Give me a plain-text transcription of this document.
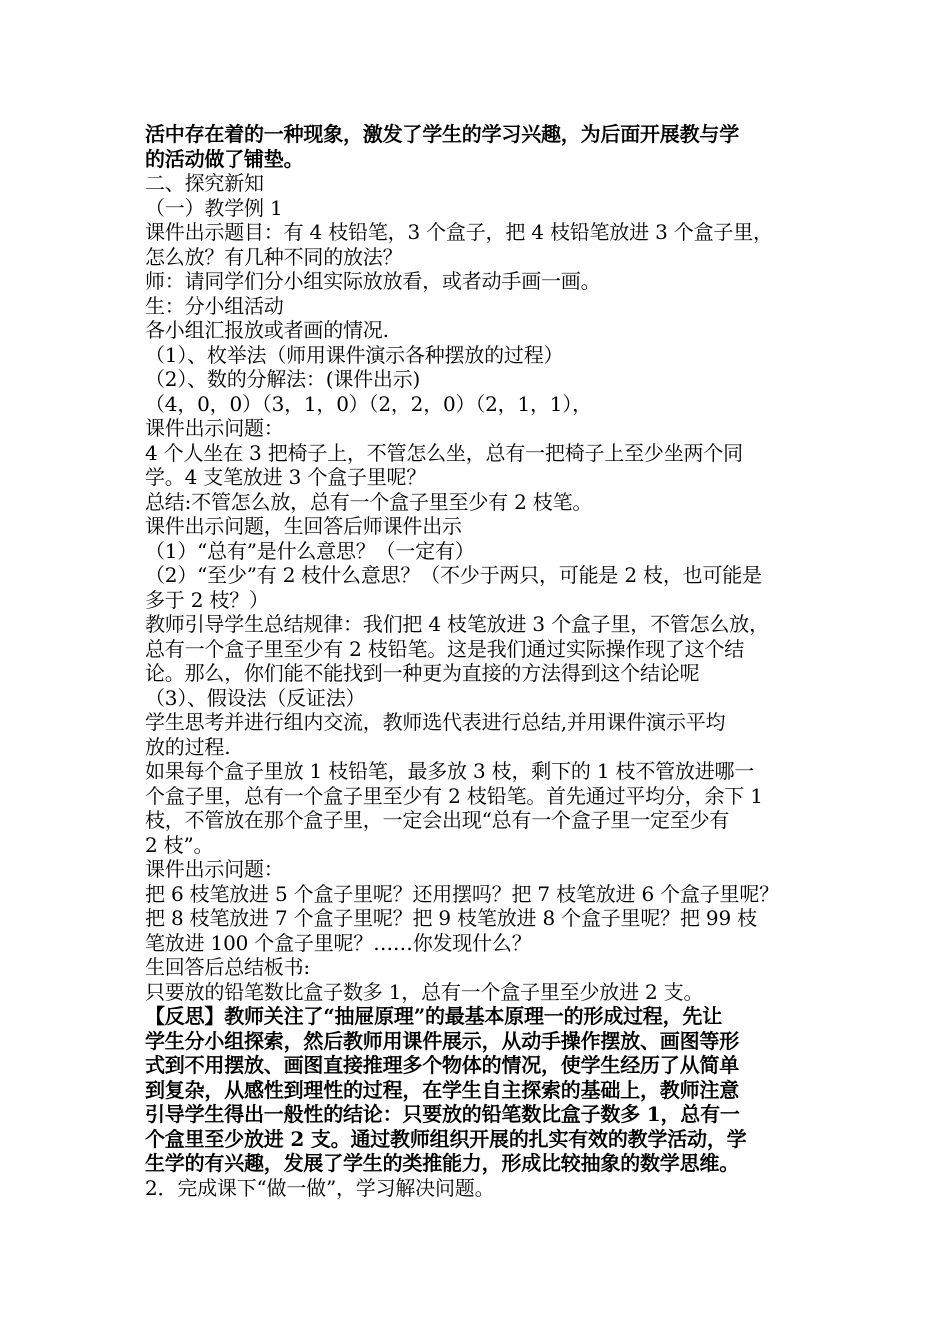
活中存在着的一种现象，激发了学生的学习兴趣，为后面开展教与学
的活动做了铺垫。
二、探究新知
（一）教学例 1
课件出示题目：有 4 枝铅笔，3 个盒子，把 4 枝铅笔放进 3 个盒子里，
怎么放？有几种不同的放法？
师：请同学们分小组实际放放看，或者动手画一画。
生：分小组活动
各小组汇报放或者画的情况.
（1）、枚举法（师用课件演示各种摆放的过程）
（2）、数的分解法：(课件出示)
（4，0，0）（3，1，0）（2，2，0）（2，1，1），
课件出示问题：
4 个人坐在 3 把椅子上，不管怎么坐，总有一把椅子上至少坐两个同
学。4 支笔放进 3 个盒子里呢？
总结:不管怎么放，总有一个盒子里至少有 2 枝笔。
课件出示问题，生回答后师课件出示
（1）“总有”是什么意思？（一定有）
（2）“至少”有 2 枝什么意思？（不少于两只，可能是 2 枝，也可能是
多于 2 枝？）
教师引导学生总结规律：我们把 4 枝笔放进 3 个盒子里，不管怎么放，
总有一个盒子里至少有 2 枝铅笔。这是我们通过实际操作现了这个结
论。那么，你们能不能找到一种更为直接的方法得到这个结论呢
（3）、假设法（反证法）
学生思考并进行组内交流，教师选代表进行总结,并用课件演示平均
放的过程.
如果每个盒子里放 1 枝铅笔，最多放 3 枝，剩下的 1 枝不管放进哪一
个盒子里，总有一个盒子里至少有 2 枝铅笔。首先通过平均分，余下 1
枝，不管放在那个盒子里，一定会出现“总有一个盒子里一定至少有
2 枝”。
课件出示问题：
把 6 枝笔放进 5 个盒子里呢？还用摆吗？把 7 枝笔放进 6 个盒子里呢？
把 8 枝笔放进 7 个盒子里呢？把 9 枝笔放进 8 个盒子里呢？把 99 枝
笔放进 100 个盒子里呢？……你发现什么？
生回答后总结板书:
只要放的铅笔数比盒子数多 1，总有一个盒子里至少放进 2 支。
【反思】教师关注了“抽屉原理”的最基本原理一的形成过程，先让
学生分小组探索，然后教师用课件展示，从动手操作摆放、画图等形
式到不用摆放、画图直接推理多个物体的情况，使学生经历了从简单
到复杂，从感性到理性的过程，在学生自主探索的基础上，教师注意
引导学生得出一般性的结论：只要放的铅笔数比盒子数多 1，总有一
个盒里至少放进 2 支。通过教师组织开展的扎实有效的教学活动，学
生学的有兴趣，发展了学生的类推能力，形成比较抽象的数学思维。
2．完成课下“做一做”，学习解决问题。
